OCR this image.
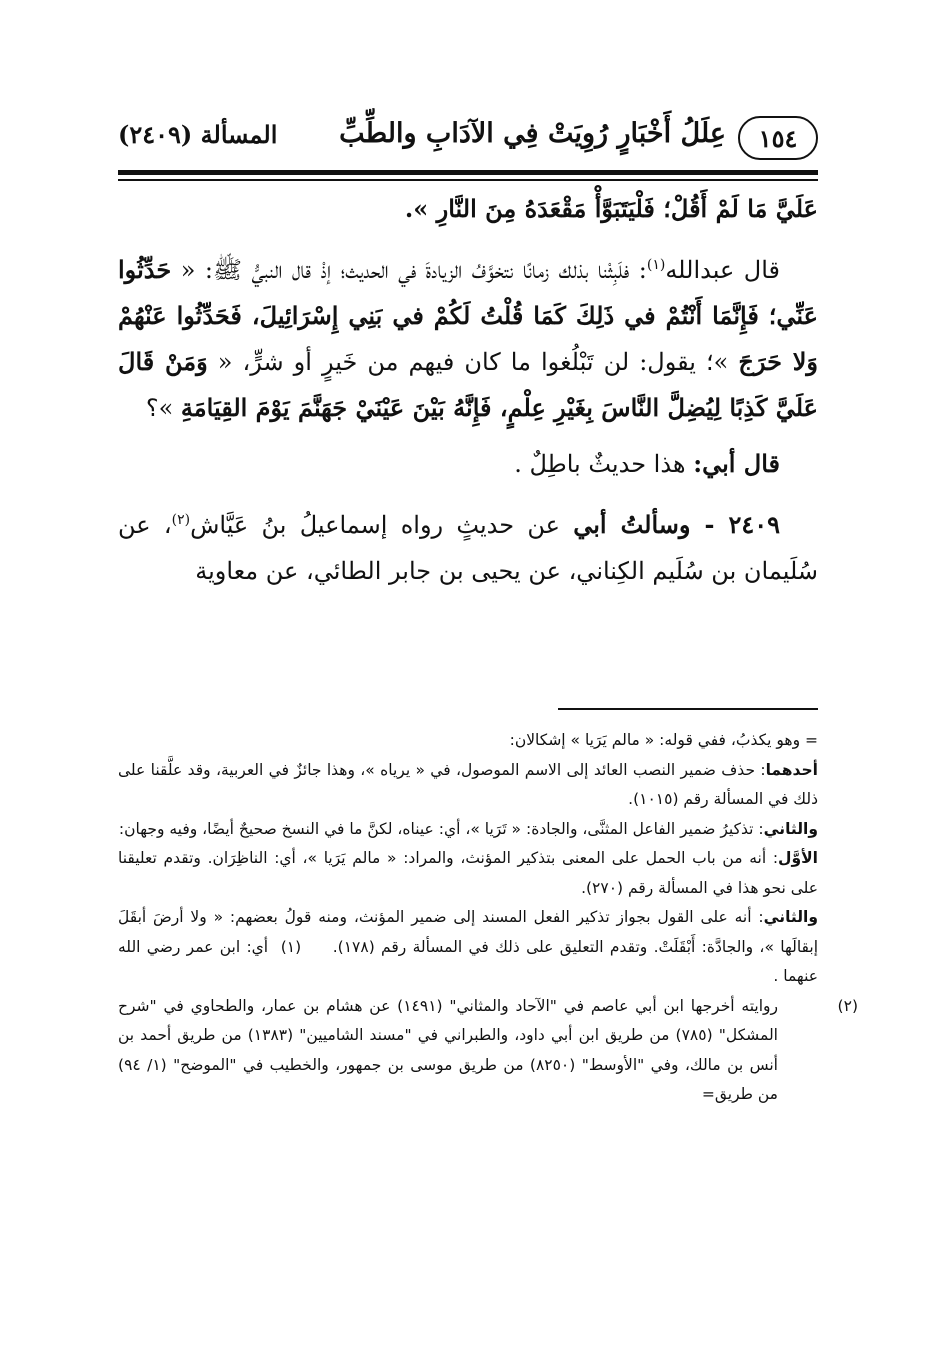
١٥٤
عِلَلُ أَخْبَارٍ رُوِيَتْ فِي الآدَابِ والطِّبِّ
المسألة (٢٤٠٩)

عَلَيَّ مَا لَمْ أَقُلْ؛ فَلْيَتَبَوَّأْ مَقْعَدَهُ مِنَ النَّارِ ».

قال عبدالله$^{(١)}$: فلَبِثْنا بذلك زمانًا نتخوَّفُ الزيادةَ في الحديث؛ إذْ قال النبيُّ ﷺ: « حَدِّثُوا عَنِّي؛ فَإِنَّمَا أَنْتُمْ في ذَلِكَ كَمَا قُلْتُ لَكُمْ في بَنِي إِسْرَائِيلَ، فَحَدِّثُوا عَنْهُمْ وَلا حَرَجَ »؛ يقول: لن تَبْلُغوا ما كان فيهم من خَيرٍ أو شرٍّ، « وَمَنْ قَالَ عَلَيَّ كَذِبًا لِيُضِلَّ النَّاسَ بِغَيْرِ عِلْمٍ، فَإِنَّهُ بَيْنَ عَيْنَيْ جَهَنَّمَ يَوْمَ القِيَامَةِ »؟

قال أبي: هذا حديثٌ باطِلٌ .

٢٤٠٩ - وسألتُ أبي عن حديثٍ رواه إسماعيلُ بنُ عَيَّاش$^{(٢)}$، عن سُلَيمان بن سُلَيم الكِناني، عن يحيى بن جابر الطائي، عن معاوية

= وهو يكذبُ، ففي قوله: « مالم يَرَيا » إشكالان:

أحدهما: حذف ضمير النصب العائد إلى الاسم الموصول، في « يرياه »، وهذا جائزٌ في العربية، وقد علَّقنا على ذلك في المسألة رقم (١٠١٥).

والثاني: تذكيرُ ضمير الفاعل المثنَّى، والجادة: « تَرَيا »، أي: عيناه، لكنَّ ما في النسخ صحيحٌ أيضًا، وفيه وجهان:

الأوَّل: أنه من باب الحمل على المعنى بتذكير المؤنث، والمراد: « مالم يَرَيا »، أي: الناظِرَان. وتقدم تعليقنا على نحو هذا في المسألة رقم (٢٧٠).

والثاني: أنه على القول بجواز تذكير الفعل المسند إلى ضمير المؤنث، ومنه قولُ بعضهم: « ولا أرضَ أبقَلَ إبقالَها »، والجادَّة: أَبْقَلَتْ. وتقدم التعليق على ذلك في المسألة رقم (١٧٨).     (١)  أي: ابن عمر رضي الله عنهما .

(٢)روايته أخرجها ابن أبي عاصم في "الآحاد والمثاني" (١٤٩١) عن هشام بن عمار، والطحاوي في "شرح المشكل" (٧٨٥) من طريق ابن أبي داود، والطبراني في "مسند الشاميين" (١٣٨٣) من طريق أحمد بن أنس بن مالك، وفي "الأوسط" (٨٢٥٠) من طريق موسى بن جمهور، والخطيب في "الموضح" (١/ ٩٤) من طريق=
